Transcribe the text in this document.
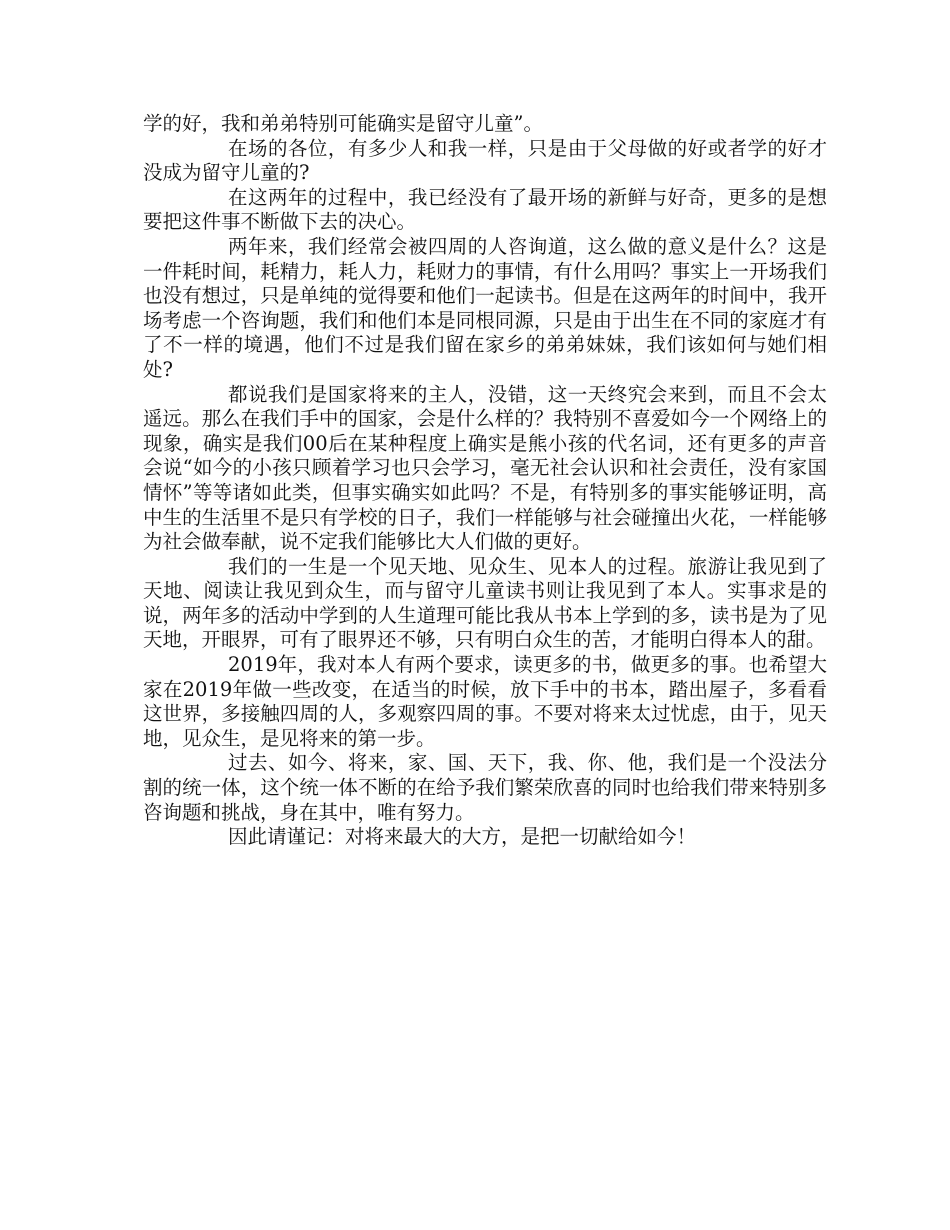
学的好，我和弟弟特别可能确实是留守儿童”。

在场的各位，有多少人和我一样，只是由于父母做的好或者学的好才没成为留守儿童的?

在这两年的过程中，我已经没有了最开场的新鲜与好奇，更多的是想要把这件事不断做下去的决心。

两年来，我们经常会被四周的人咨询道，这么做的意义是什么？这是一件耗时间，耗精力，耗人力，耗财力的事情，有什么用吗？事实上一开场我们也没有想过，只是单纯的觉得要和他们一起读书。但是在这两年的时间中，我开场考虑一个咨询题，我们和他们本是同根同源，只是由于出生在不同的家庭才有了不一样的境遇，他们不过是我们留在家乡的弟弟妹妹，我们该如何与她们相处?

都说我们是国家将来的主人，没错，这一天终究会来到，而且不会太遥远。那么在我们手中的国家，会是什么样的？我特别不喜爱如今一个网络上的现象，确实是我们00后在某种程度上确实是熊小孩的代名词，还有更多的声音会说“如今的小孩只顾着学习也只会学习，毫无社会认识和社会责任，没有家国情怀”等等诸如此类，但事实确实如此吗？不是，有特别多的事实能够证明，高中生的生活里不是只有学校的日子，我们一样能够与社会碰撞出火花，一样能够为社会做奉献，说不定我们能够比大人们做的更好。

我们的一生是一个见天地、见众生、见本人的过程。旅游让我见到了天地、阅读让我见到众生，而与留守儿童读书则让我见到了本人。实事求是的说，两年多的活动中学到的人生道理可能比我从书本上学到的多，读书是为了见天地，开眼界，可有了眼界还不够，只有明白众生的苦，才能明白得本人的甜。

2019年，我对本人有两个要求，读更多的书，做更多的事。也希望大家在2019年做一些改变，在适当的时候，放下手中的书本，踏出屋子，多看看这世界，多接触四周的人，多观察四周的事。不要对将来太过忧虑，由于，见天地，见众生，是见将来的第一步。

过去、如今、将来，家、国、天下，我、你、他，我们是一个没法分割的统一体，这个统一体不断的在给予我们繁荣欣喜的同时也给我们带来特别多咨询题和挑战，身在其中，唯有努力。

因此请谨记：对将来最大的大方，是把一切献给如今！
